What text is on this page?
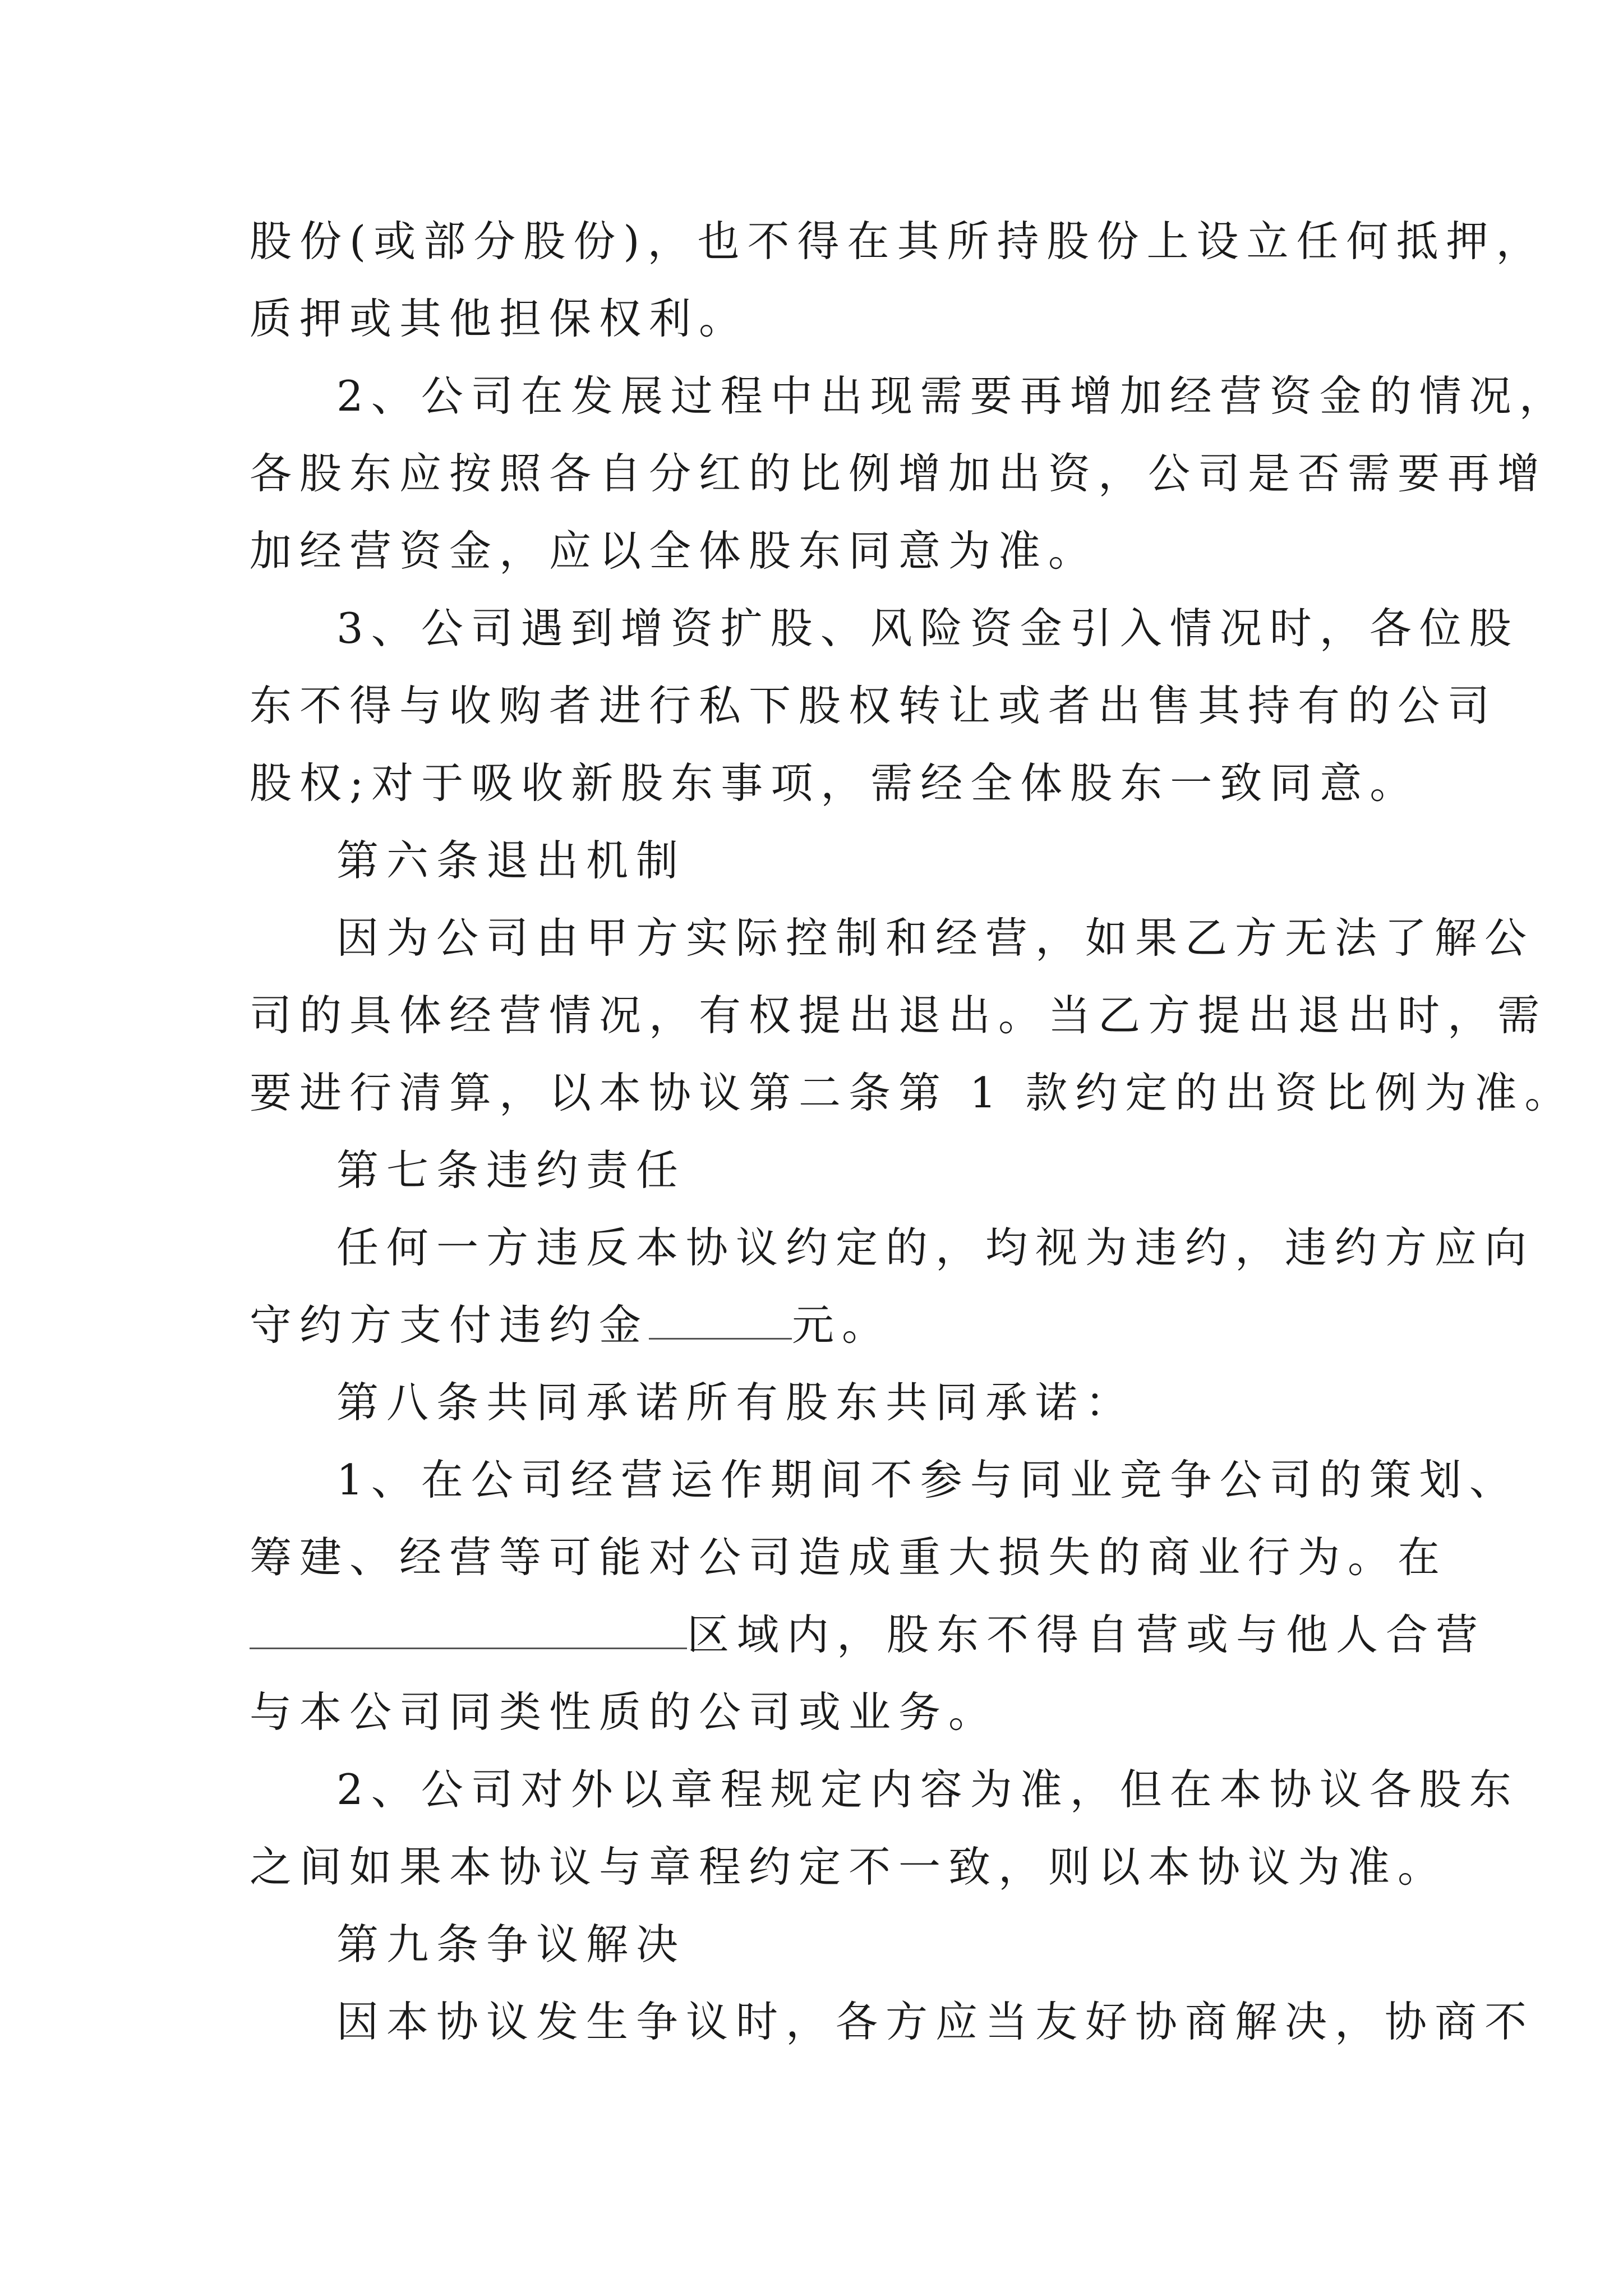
股份(或部分股份)，也不得在其所持股份上设立任何抵押，
质押或其他担保权利。
2、公司在发展过程中出现需要再增加经营资金的情况，
各股东应按照各自分红的比例增加出资，公司是否需要再增
加经营资金，应以全体股东同意为准。
3、公司遇到增资扩股、风险资金引入情况时，各位股
东不得与收购者进行私下股权转让或者出售其持有的公司
股权;对于吸收新股东事项，需经全体股东一致同意。
第六条退出机制
因为公司由甲方实际控制和经营，如果乙方无法了解公
司的具体经营情况，有权提出退出。当乙方提出退出时，需
要进行清算，以本协议第二条第 1 款约定的出资比例为准。
第七条违约责任
任何一方违反本协议约定的，均视为违约，违约方应向
守约方支付违约金	元。
第八条共同承诺所有股东共同承诺：
1、在公司经营运作期间不参与同业竞争公司的策划、
筹建、经营等可能对公司造成重大损失的商业行为。在
区域内，股东不得自营或与他人合营
与本公司同类性质的公司或业务。
2、公司对外以章程规定内容为准，但在本协议各股东
之间如果本协议与章程约定不一致，则以本协议为准。
第九条争议解决
因本协议发生争议时，各方应当友好协商解决，协商不
